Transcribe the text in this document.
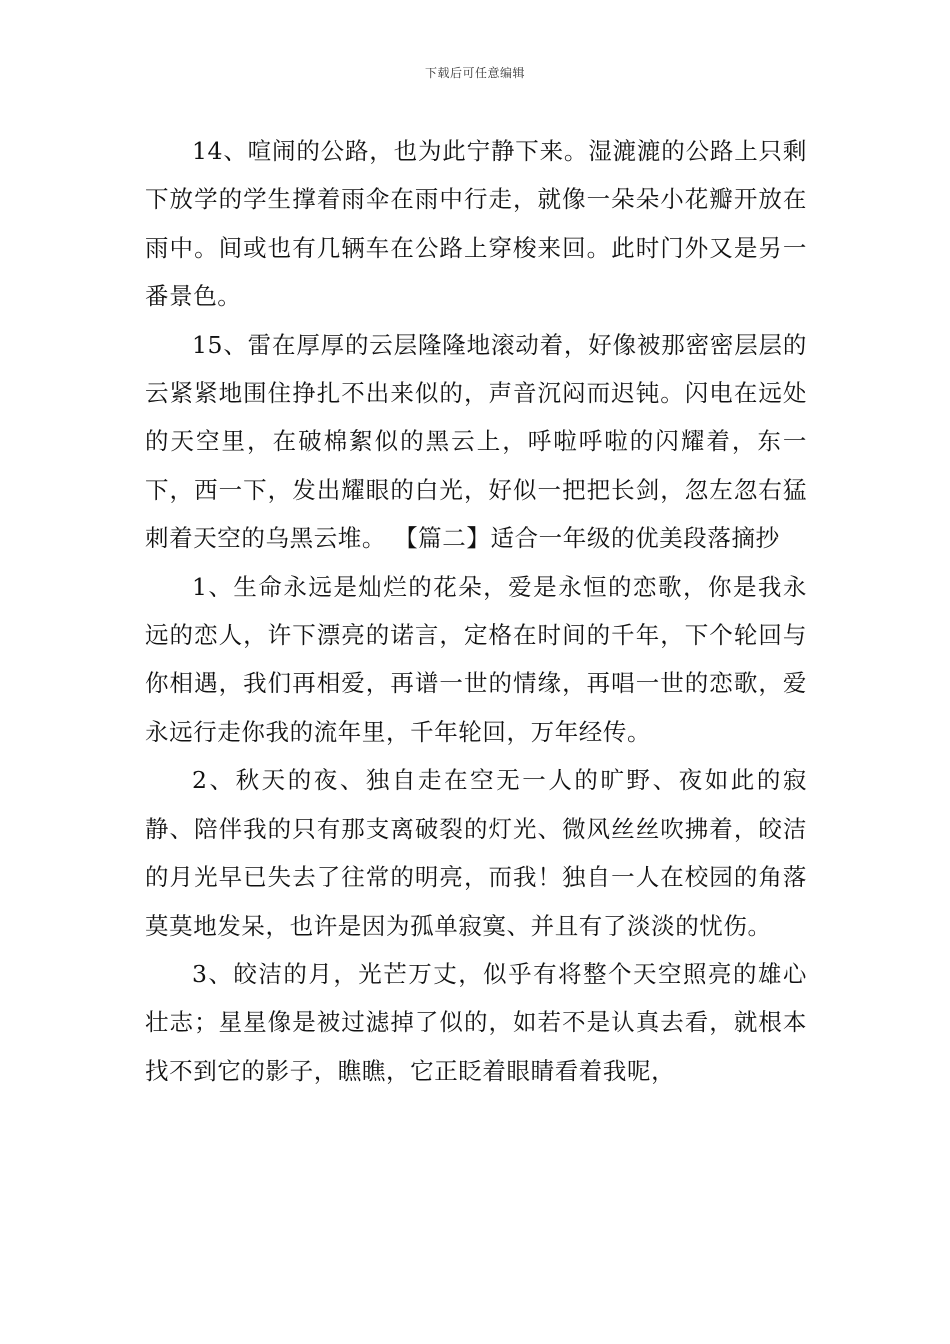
下载后可任意编辑

14、喧闹的公路，也为此宁静下来。湿漉漉的公路上只剩下放学的学生撑着雨伞在雨中行走，就像一朵朵小花瓣开放在雨中。间或也有几辆车在公路上穿梭来回。此时门外又是另一番景色。

15、雷在厚厚的云层隆隆地滚动着，好像被那密密层层的云紧紧地围住挣扎不出来似的，声音沉闷而迟钝。闪电在远处的天空里，在破棉絮似的黑云上，呼啦呼啦的闪耀着，东一下，西一下，发出耀眼的白光，好似一把把长剑，忽左忽右猛刺着天空的乌黑云堆。 【篇二】适合一年级的优美段落摘抄

1、生命永远是灿烂的花朵，爱是永恒的恋歌，你是我永远的恋人，许下漂亮的诺言，定格在时间的千年，下个轮回与你相遇，我们再相爱，再谱一世的情缘，再唱一世的恋歌，爱永远行走你我的流年里，千年轮回，万年经传。

2、秋天的夜、独自走在空无一人的旷野、夜如此的寂静、陪伴我的只有那支离破裂的灯光、微风丝丝吹拂着，皎洁的月光早已失去了往常的明亮，而我！独自一人在校园的角落莫莫地发呆，也许是因为孤单寂寞、并且有了淡淡的忧伤。

3、皎洁的月，光芒万丈，似乎有将整个天空照亮的雄心壮志；星星像是被过滤掉了似的，如若不是认真去看，就根本找不到它的影子，瞧瞧，它正眨着眼睛看着我呢，
